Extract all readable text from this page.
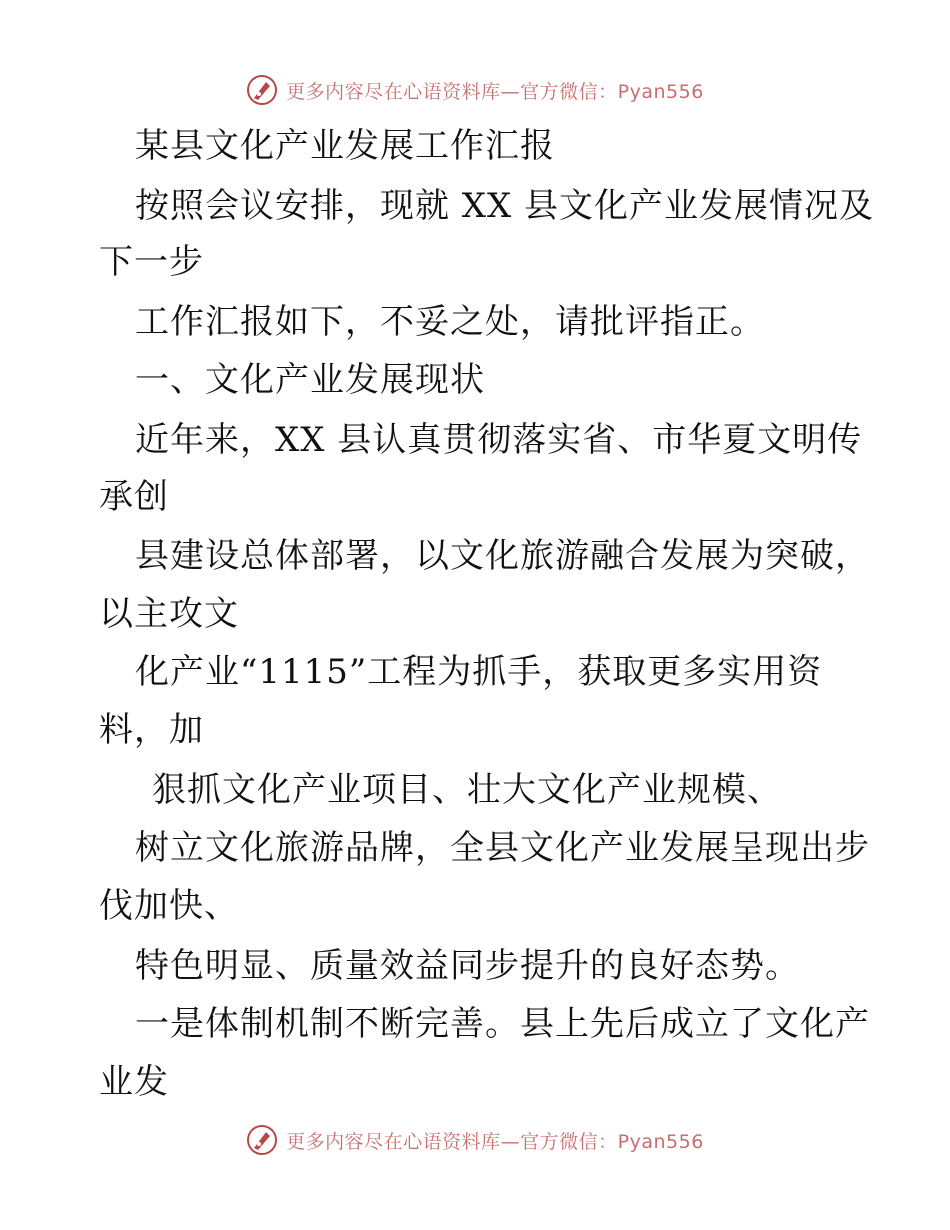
更多内容尽在心语资料库—官方微信：Pyan556
某县文化产业发展工作汇报
按照会议安排，现就 XX 县文化产业发展情况及
下一步
工作汇报如下，不妥之处，请批评指正。
一、文化产业发展现状
近年来，XX 县认真贯彻落实省、市华夏文明传
承创
县建设总体部署，以文化旅游融合发展为突破，
以主攻文
化产业“1115”工程为抓手，获取更多实用资
料，加
狠抓文化产业项目、壮大文化产业规模、
树立文化旅游品牌，全县文化产业发展呈现出步
伐加快、
特色明显、质量效益同步提升的良好态势。
一是体制机制不断完善。县上先后成立了文化产
业发
更多内容尽在心语资料库—官方微信：Pyan556
